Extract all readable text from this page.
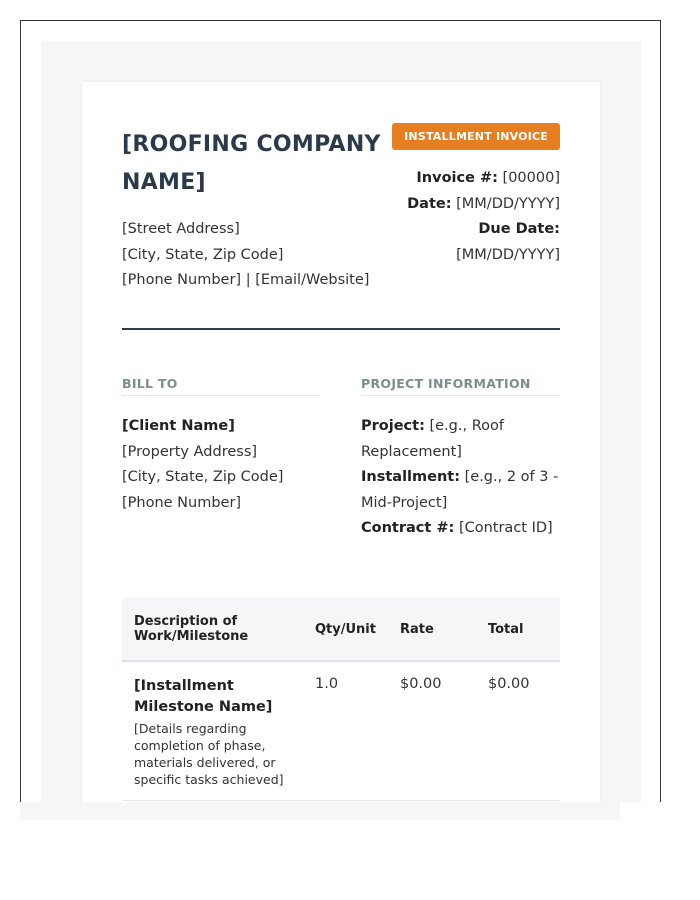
[ROOFING COMPANY NAME]
[Street Address]
[City, State, Zip Code]
[Phone Number] | [Email/Website]
INSTALLMENT INVOICE
Invoice #: [00000]
Date: [MM/DD/YYYY]
Due Date:
[MM/DD/YYYY]
BILL TO	PROJECT INFORMATION
[Client Name]
[Property Address]
[City, State, Zip Code]
[Phone Number]
Project: [e.g., Roof Replacement]
Installment: [e.g., 2 of 3 - Mid-Project]
Contract #: [Contract ID]
Description of Work/Milestone	Qty/Unit	Rate	Total

[Installment Milestone Name]
[Details regarding completion of phase, materials delivered, or specific tasks achieved]	1.0	$0.00	$0.00
